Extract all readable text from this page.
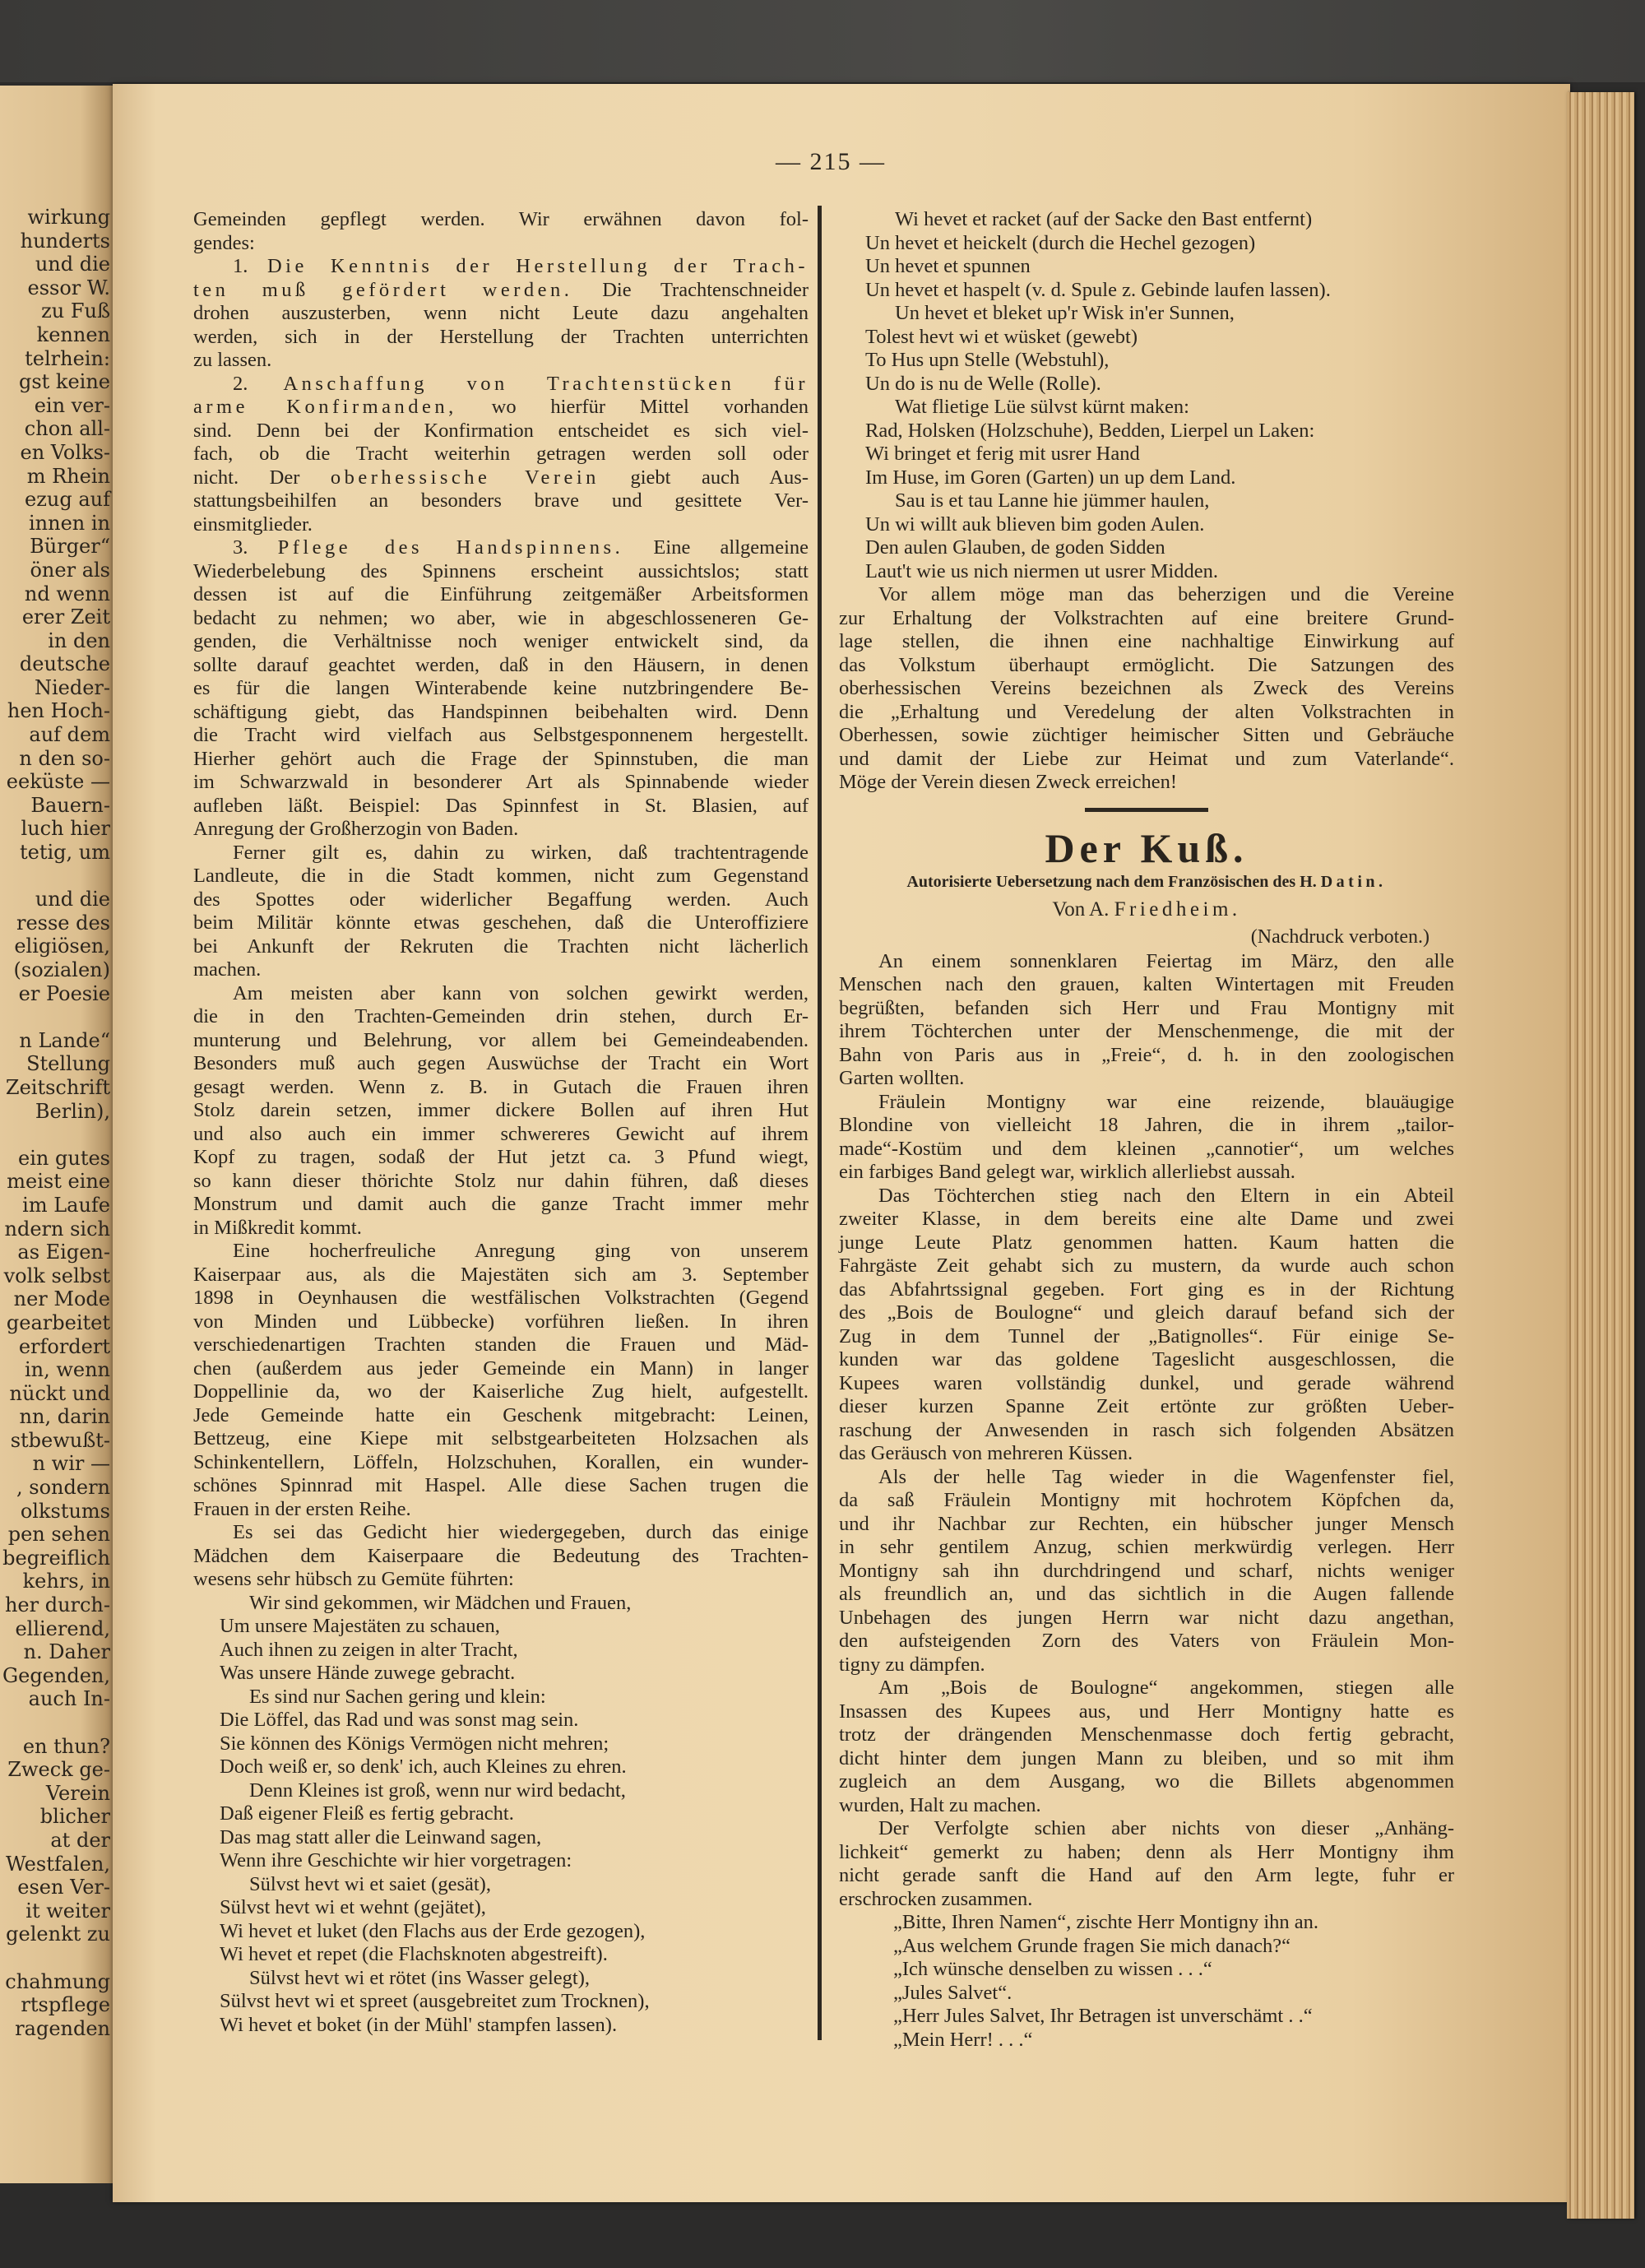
wirkung
hunderts
und die
essor W.
zu Fuß
kennen
telrhein:
gst keine
ein ver-
chon all-
en Volks-
m Rhein
ezug auf
innen in
Bürger“
öner als
nd wenn
erer Zeit
in den
deutsche
Nieder-
hen Hoch-
auf dem
n den so-
eeküste —
Bauern-
luch hier
tetig, um
und die
resse des
eligiösen,
(sozialen)
er Poesie
n Lande“
Stellung
Zeitschrift
Berlin),
ein gutes
meist eine
im Laufe
ndern sich
as Eigen-
volk selbst
ner Mode
gearbeitet
erfordert
in, wenn
nückt und
nn, darin
stbewußt-
n wir —
, sondern
olkstums
pen sehen
begreiflich
kehrs, in
her durch-
ellierend,
n. Daher
Gegenden,
auch In-
en thun?
Zweck ge-
Verein
blicher
at der
Westfalen,
esen Ver-
it weiter
gelenkt zu
chahmung
rtspflege
ragenden
— 215 —
Gemeinden gepflegt werden. Wir erwähnen davon fol-
gendes:
1. Die Kenntnis der Herstellung der Trach-
ten muß gefördert werden. Die Trachtenschneider
drohen auszusterben, wenn nicht Leute dazu angehalten
werden, sich in der Herstellung der Trachten unterrichten
zu lassen.
2. Anschaffung von Trachtenstücken für
arme Konfirmanden, wo hierfür Mittel vorhanden
sind. Denn bei der Konfirmation entscheidet es sich viel-
fach, ob die Tracht weiterhin getragen werden soll oder
nicht. Der oberhessische Verein giebt auch Aus-
stattungsbeihilfen an besonders brave und gesittete Ver-
einsmitglieder.
3. Pflege des Handspinnens. Eine allgemeine
Wiederbelebung des Spinnens erscheint aussichtslos; statt
dessen ist auf die Einführung zeitgemäßer Arbeitsformen
bedacht zu nehmen; wo aber, wie in abgeschlosseneren Ge-
genden, die Verhältnisse noch weniger entwickelt sind, da
sollte darauf geachtet werden, daß in den Häusern, in denen
es für die langen Winterabende keine nutzbringendere Be-
schäftigung giebt, das Handspinnen beibehalten wird. Denn
die Tracht wird vielfach aus Selbstgesponnenem hergestellt.
Hierher gehört auch die Frage der Spinnstuben, die man
im Schwarzwald in besonderer Art als Spinnabende wieder
aufleben läßt. Beispiel: Das Spinnfest in St. Blasien, auf
Anregung der Großherzogin von Baden.
Ferner gilt es, dahin zu wirken, daß trachtentragende
Landleute, die in die Stadt kommen, nicht zum Gegenstand
des Spottes oder widerlicher Begaffung werden. Auch
beim Militär könnte etwas geschehen, daß die Unteroffiziere
bei Ankunft der Rekruten die Trachten nicht lächerlich
machen.
Am meisten aber kann von solchen gewirkt werden,
die in den Trachten-Gemeinden drin stehen, durch Er-
munterung und Belehrung, vor allem bei Gemeindeabenden.
Besonders muß auch gegen Auswüchse der Tracht ein Wort
gesagt werden. Wenn z. B. in Gutach die Frauen ihren
Stolz darein setzen, immer dickere Bollen auf ihren Hut
und also auch ein immer schwereres Gewicht auf ihrem
Kopf zu tragen, sodaß der Hut jetzt ca. 3 Pfund wiegt,
so kann dieser thörichte Stolz nur dahin führen, daß dieses
Monstrum und damit auch die ganze Tracht immer mehr
in Mißkredit kommt.
Eine hocherfreuliche Anregung ging von unserem
Kaiserpaar aus, als die Majestäten sich am 3. September
1898 in Oeynhausen die westfälischen Volkstrachten (Gegend
von Minden und Lübbecke) vorführen ließen. In ihren
verschiedenartigen Trachten standen die Frauen und Mäd-
chen (außerdem aus jeder Gemeinde ein Mann) in langer
Doppellinie da, wo der Kaiserliche Zug hielt, aufgestellt.
Jede Gemeinde hatte ein Geschenk mitgebracht: Leinen,
Bettzeug, eine Kiepe mit selbstgearbeiteten Holzsachen als
Schinkentellern, Löffeln, Holzschuhen, Korallen, ein wunder-
schönes Spinnrad mit Haspel. Alle diese Sachen trugen die
Frauen in der ersten Reihe.
Es sei das Gedicht hier wiedergegeben, durch das einige
Mädchen dem Kaiserpaare die Bedeutung des Trachten-
wesens sehr hübsch zu Gemüte führten:
Wir sind gekommen, wir Mädchen und Frauen,
Um unsere Majestäten zu schauen,
Auch ihnen zu zeigen in alter Tracht,
Was unsere Hände zuwege gebracht.
Es sind nur Sachen gering und klein:
Die Löffel, das Rad und was sonst mag sein.
Sie können des Königs Vermögen nicht mehren;
Doch weiß er, so denk' ich, auch Kleines zu ehren.
Denn Kleines ist groß, wenn nur wird bedacht,
Daß eigener Fleiß es fertig gebracht.
Das mag statt aller die Leinwand sagen,
Wenn ihre Geschichte wir hier vorgetragen:
Sülvst hevt wi et saiet (gesät),
Sülvst hevt wi et wehnt (gejätet),
Wi hevet et luket (den Flachs aus der Erde gezogen),
Wi hevet et repet (die Flachsknoten abgestreift).
Sülvst hevt wi et rötet (ins Wasser gelegt),
Sülvst hevt wi et spreet (ausgebreitet zum Trocknen),
Wi hevet et boket (in der Mühl' stampfen lassen).
Wi hevet et racket (auf der Sacke den Bast entfernt)
Un hevet et heickelt (durch die Hechel gezogen)
Un hevet et spunnen
Un hevet et haspelt (v. d. Spule z. Gebinde laufen lassen).
Un hevet et bleket up'r Wisk in'er Sunnen,
Tolest hevt wi et wüsket (gewebt)
To Hus upn Stelle (Webstuhl),
Un do is nu de Welle (Rolle).
Wat flietige Lüe sülvst kürnt maken:
Rad, Holsken (Holzschuhe), Bedden, Lierpel un Laken:
Wi bringet et ferig mit usrer Hand
Im Huse, im Goren (Garten) un up dem Land.
Sau is et tau Lanne hie jümmer haulen,
Un wi willt auk blieven bim goden Aulen.
Den aulen Glauben, de goden Sidden
Laut't wie us nich niermen ut usrer Midden.
Vor allem möge man das beherzigen und die Vereine
zur Erhaltung der Volkstrachten auf eine breitere Grund-
lage stellen, die ihnen eine nachhaltige Einwirkung auf
das Volkstum überhaupt ermöglicht. Die Satzungen des
oberhessischen Vereins bezeichnen als Zweck des Vereins
die „Erhaltung und Veredelung der alten Volkstrachten in
Oberhessen, sowie züchtiger heimischer Sitten und Gebräuche
und damit der Liebe zur Heimat und zum Vaterlande“.
Möge der Verein diesen Zweck erreichen!
Der Kuß.
Autorisierte Uebersetzung nach dem Französischen des H. Datin.
Von A. Friedheim.
(Nachdruck verboten.)
An einem sonnenklaren Feiertag im März, den alle
Menschen nach den grauen, kalten Wintertagen mit Freuden
begrüßten, befanden sich Herr und Frau Montigny mit
ihrem Töchterchen unter der Menschenmenge, die mit der
Bahn von Paris aus in „Freie“, d. h. in den zoologischen
Garten wollten.
Fräulein Montigny war eine reizende, blauäugige
Blondine von vielleicht 18 Jahren, die in ihrem „tailor-
made“-Kostüm und dem kleinen „cannotier“, um welches
ein farbiges Band gelegt war, wirklich allerliebst aussah.
Das Töchterchen stieg nach den Eltern in ein Abteil
zweiter Klasse, in dem bereits eine alte Dame und zwei
junge Leute Platz genommen hatten. Kaum hatten die
Fahrgäste Zeit gehabt sich zu mustern, da wurde auch schon
das Abfahrtssignal gegeben. Fort ging es in der Richtung
des „Bois de Boulogne“ und gleich darauf befand sich der
Zug in dem Tunnel der „Batignolles“. Für einige Se-
kunden war das goldene Tageslicht ausgeschlossen, die
Kupees waren vollständig dunkel, und gerade während
dieser kurzen Spanne Zeit ertönte zur größten Ueber-
raschung der Anwesenden in rasch sich folgenden Absätzen
das Geräusch von mehreren Küssen.
Als der helle Tag wieder in die Wagenfenster fiel,
da saß Fräulein Montigny mit hochrotem Köpfchen da,
und ihr Nachbar zur Rechten, ein hübscher junger Mensch
in sehr gentilem Anzug, schien merkwürdig verlegen. Herr
Montigny sah ihn durchdringend und scharf, nichts weniger
als freundlich an, und das sichtlich in die Augen fallende
Unbehagen des jungen Herrn war nicht dazu angethan,
den aufsteigenden Zorn des Vaters von Fräulein Mon-
tigny zu dämpfen.
Am „Bois de Boulogne“ angekommen, stiegen alle
Insassen des Kupees aus, und Herr Montigny hatte es
trotz der drängenden Menschenmasse doch fertig gebracht,
dicht hinter dem jungen Mann zu bleiben, und so mit ihm
zugleich an dem Ausgang, wo die Billets abgenommen
wurden, Halt zu machen.
Der Verfolgte schien aber nichts von dieser „Anhäng-
lichkeit“ gemerkt zu haben; denn als Herr Montigny ihm
nicht gerade sanft die Hand auf den Arm legte, fuhr er
erschrocken zusammen.
„Bitte, Ihren Namen“, zischte Herr Montigny ihn an.
„Aus welchem Grunde fragen Sie mich danach?“
„Ich wünsche denselben zu wissen . . .“
„Jules Salvet“.
„Herr Jules Salvet, Ihr Betragen ist unverschämt . .“
„Mein Herr! . . .“
